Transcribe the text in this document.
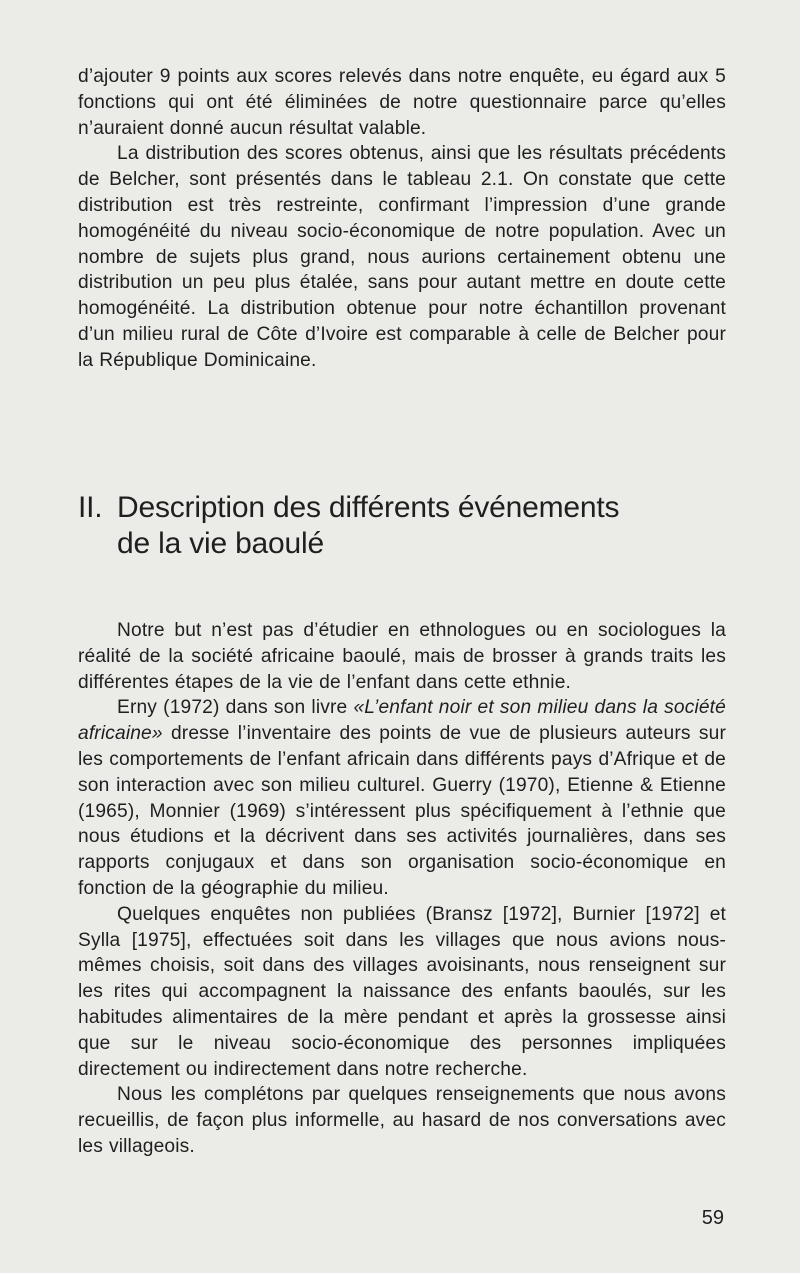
d’ajouter 9 points aux scores relevés dans notre enquête, eu égard aux 5 fonctions qui ont été éliminées de notre questionnaire parce qu’elles n’auraient donné aucun résultat valable.

La distribution des scores obtenus, ainsi que les résultats précédents de Belcher, sont présentés dans le tableau 2.1. On constate que cette distribution est très restreinte, confirmant l’impression d’une grande homogénéité du niveau socio-économique de notre population. Avec un nombre de sujets plus grand, nous aurions certainement obtenu une distribution un peu plus étalée, sans pour autant mettre en doute cette homogénéité. La distribution obtenue pour notre échantillon provenant d’un milieu rural de Côte d’Ivoire est comparable à celle de Belcher pour la République Dominicaine.

II. Description des différents événements
de la vie baoulé

Notre but n’est pas d’étudier en ethnologues ou en sociologues la réalité de la société africaine baoulé, mais de brosser à grands traits les différentes étapes de la vie de l’enfant dans cette ethnie.

Erny (1972) dans son livre «L’enfant noir et son milieu dans la société africaine» dresse l’inventaire des points de vue de plusieurs auteurs sur les comportements de l’enfant africain dans différents pays d’Afrique et de son interaction avec son milieu culturel. Guerry (1970), Etienne & Etienne (1965), Monnier (1969) s’intéressent plus spécifiquement à l’ethnie que nous étudions et la décrivent dans ses activités journalières, dans ses rapports conjugaux et dans son organisation socio-économique en fonction de la géographie du milieu.

Quelques enquêtes non publiées (Bransz [1972], Burnier [1972] et Sylla [1975], effectuées soit dans les villages que nous avions nous-mêmes choisis, soit dans des villages avoisinants, nous renseignent sur les rites qui accompagnent la naissance des enfants baoulés, sur les habitudes alimentaires de la mère pendant et après la grossesse ainsi que sur le niveau socio-économique des personnes impliquées directement ou indirectement dans notre recherche.

Nous les complétons par quelques renseignements que nous avons recueillis, de façon plus informelle, au hasard de nos conversations avec les villageois.

59
